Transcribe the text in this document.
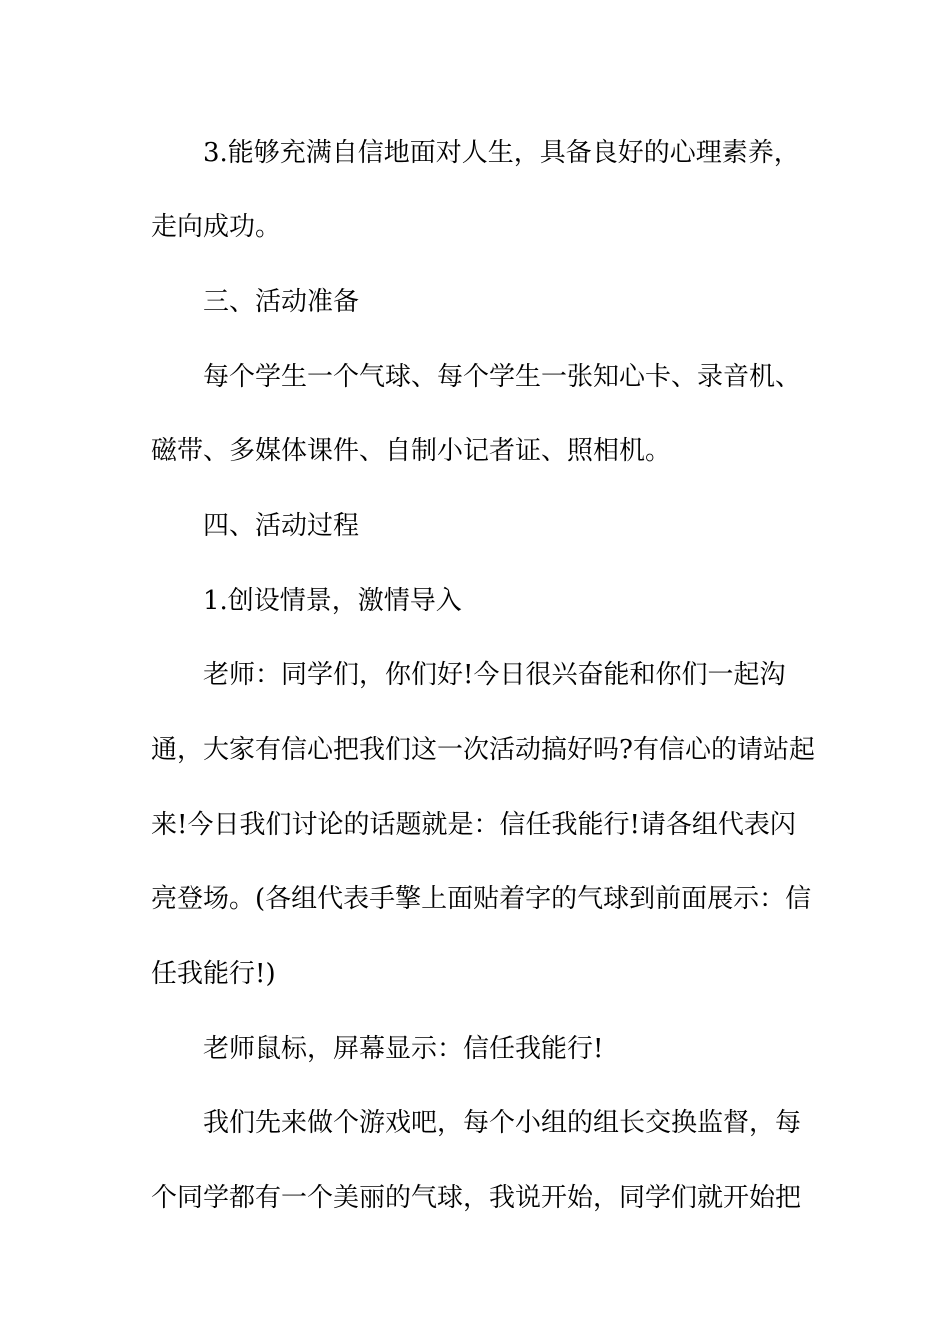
3.能够充满自信地面对人生，具备良好的心理素养，
走向成功。
三、活动准备
每个学生一个气球、每个学生一张知心卡、录音机、
磁带、多媒体课件、自制小记者证、照相机。
四、活动过程
1.创设情景，激情导入
老师：同学们，你们好!今日很兴奋能和你们一起沟
通，大家有信心把我们这一次活动搞好吗?有信心的请站起
来!今日我们讨论的话题就是：信任我能行!请各组代表闪
亮登场。(各组代表手擎上面贴着字的气球到前面展示：信
任我能行!)
老师鼠标，屏幕显示：信任我能行!
我们先来做个游戏吧，每个小组的组长交换监督，每
个同学都有一个美丽的气球，我说开始，同学们就开始把
